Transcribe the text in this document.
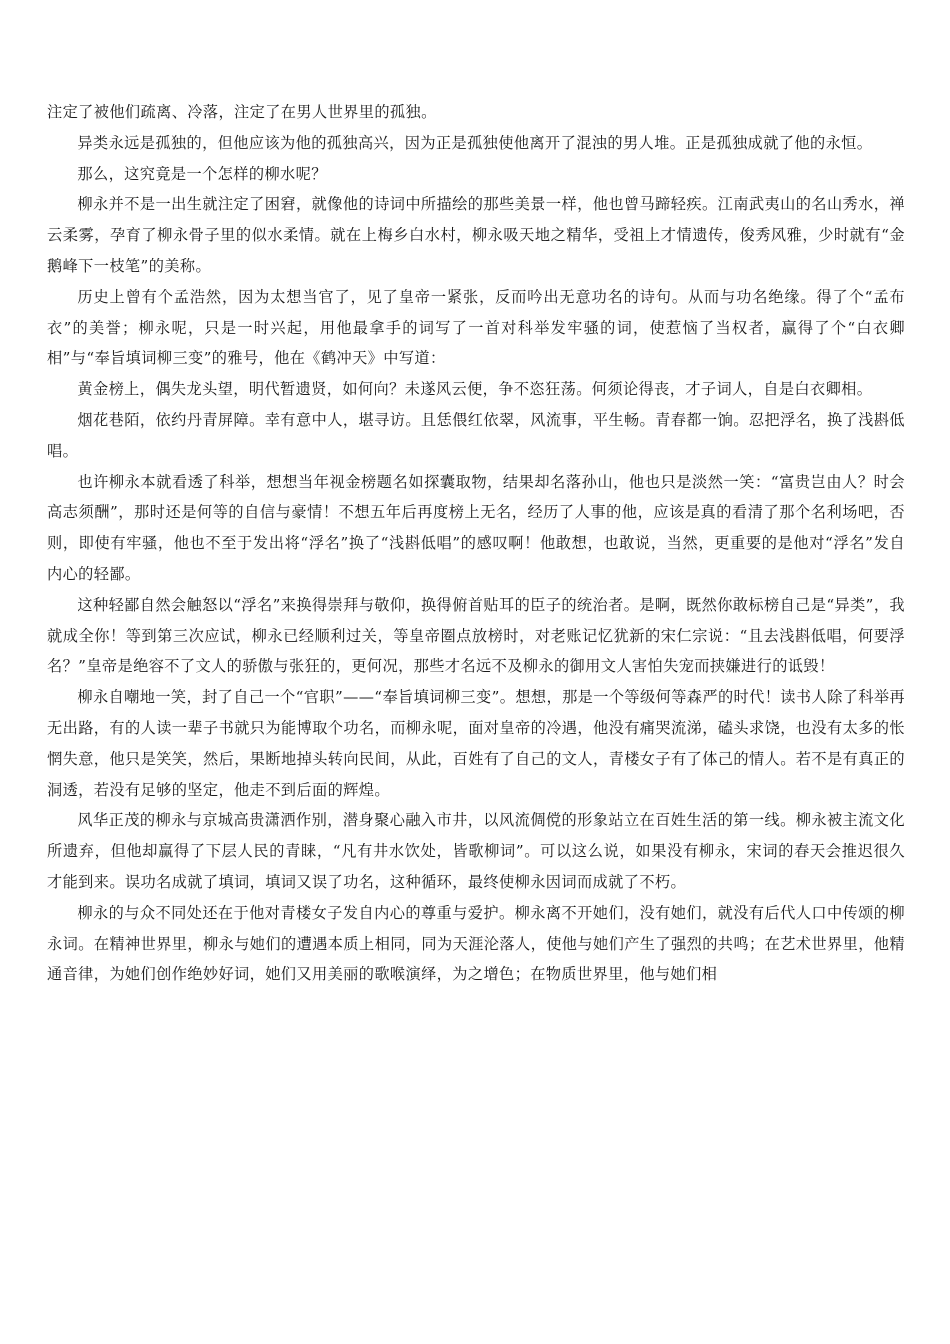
注定了被他们疏离、冷落，注定了在男人世界里的孤独。

异类永远是孤独的，但他应该为他的孤独高兴，因为正是孤独使他离开了混浊的男人堆。正是孤独成就了他的永恒。

那么，这究竟是一个怎样的柳水呢？

柳永并不是一出生就注定了困窘，就像他的诗词中所描绘的那些美景一样，他也曾马蹄轻疾。江南武夷山的名山秀水，禅云柔雾，孕育了柳永骨子里的似水柔情。就在上梅乡白水村，柳永吸天地之精华，受祖上才情遗传，俊秀风雅，少时就有“金鹅峰下一枝笔”的美称。

历史上曾有个孟浩然，因为太想当官了，见了皇帝一紧张，反而吟出无意功名的诗句。从而与功名绝缘。得了个“孟布衣”的美誉；柳永呢，只是一时兴起，用他最拿手的词写了一首对科举发牢骚的词，使惹恼了当权者，赢得了个“白衣卿相”与“奉旨填词柳三变”的雅号，他在《鹤冲天》中写道：

黄金榜上，偶失龙头望，明代暂遗贤，如何向？未遂风云便，争不恣狂荡。何须论得丧，才子词人，自是白衣卿相。

烟花巷陌，依约丹青屏障。幸有意中人，堪寻访。且恁偎红依翠，风流事，平生畅。青春都一饷。忍把浮名，换了浅斟低唱。

也许柳永本就看透了科举，想想当年视金榜题名如探囊取物，结果却名落孙山，他也只是淡然一笑：“富贵岂由人？时会高志须酬”，那时还是何等的自信与豪情！不想五年后再度榜上无名，经历了人事的他，应该是真的看清了那个名利场吧，否则，即使有牢骚，他也不至于发出将“浮名”换了“浅斟低唱”的感叹啊！他敢想，也敢说，当然，更重要的是他对“浮名”发自内心的轻鄙。

这种轻鄙自然会触怒以“浮名”来换得崇拜与敬仰，换得俯首贴耳的臣子的统治者。是啊，既然你敢标榜自己是“异类”，我就成全你！等到第三次应试，柳永已经顺利过关，等皇帝圈点放榜时，对老账记忆犹新的宋仁宗说：“且去浅斟低唱，何要浮名？”皇帝是绝容不了文人的骄傲与张狂的，更何况，那些才名远不及柳永的御用文人害怕失宠而挟嫌进行的诋毁！

柳永自嘲地一笑，封了自己一个“官职”——“奉旨填词柳三变”。想想，那是一个等级何等森严的时代！读书人除了科举再无出路，有的人读一辈子书就只为能博取个功名，而柳永呢，面对皇帝的冷遇，他没有痛哭流涕，磕头求饶，也没有太多的怅惘失意，他只是笑笑，然后，果断地掉头转向民间，从此，百姓有了自己的文人，青楼女子有了体己的情人。若不是有真正的洞透，若没有足够的坚定，他走不到后面的辉煌。

风华正茂的柳永与京城高贵潇洒作别，潜身聚心融入市井，以风流倜傥的形象站立在百姓生活的第一线。柳永被主流文化所遗弃，但他却赢得了下层人民的青睐，“凡有井水饮处，皆歌柳词”。可以这么说，如果没有柳永，宋词的春天会推迟很久才能到来。误功名成就了填词，填词又误了功名，这种循环，最终使柳永因词而成就了不朽。

柳永的与众不同处还在于他对青楼女子发自内心的尊重与爱护。柳永离不开她们，没有她们，就没有后代人口中传颂的柳永词。在精神世界里，柳永与她们的遭遇本质上相同，同为天涯沦落人，使他与她们产生了强烈的共鸣；在艺术世界里，他精通音律，为她们创作绝妙好词，她们又用美丽的歌喉演绎，为之增色；在物质世界里，他与她们相
